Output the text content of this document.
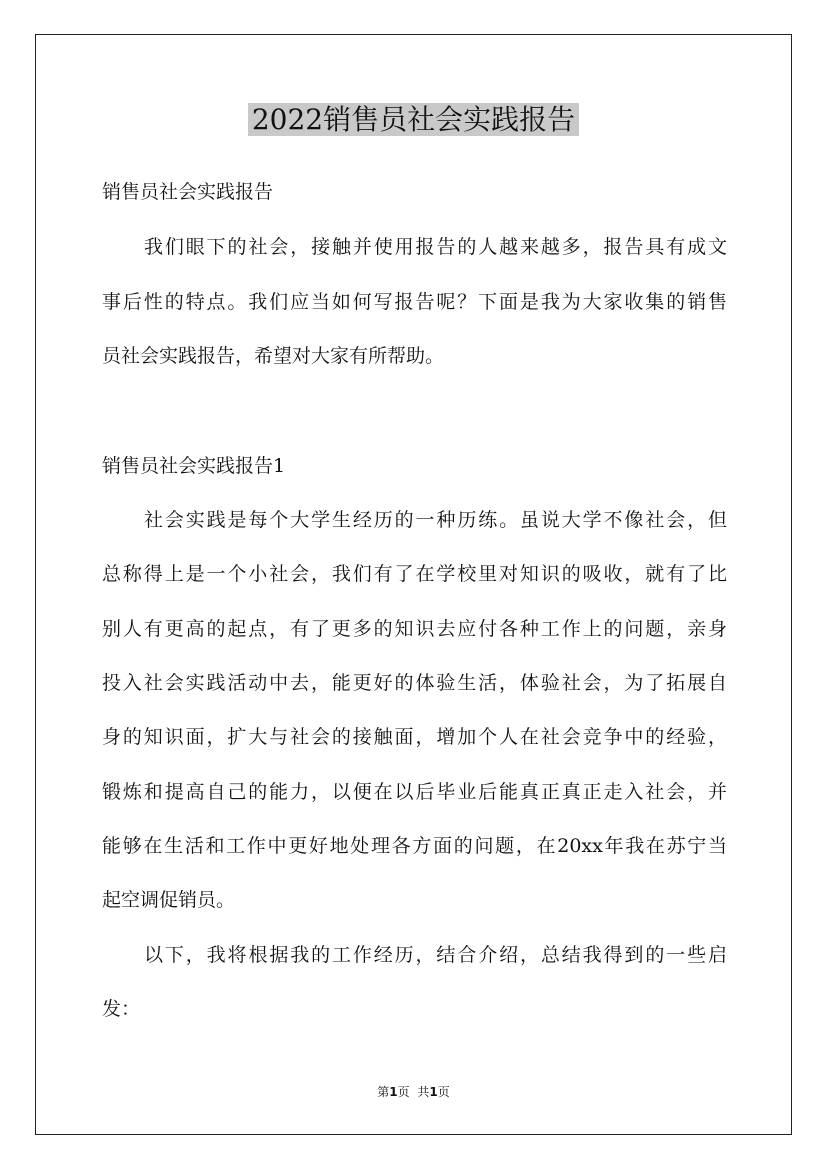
2022销售员社会实践报告

销售员社会实践报告

我们眼下的社会，接触并使用报告的人越来越多，报告具有成文

事后性的特点。我们应当如何写报告呢？下面是我为大家收集的销售

员社会实践报告，希望对大家有所帮助。

销售员社会实践报告1

社会实践是每个大学生经历的一种历练。虽说大学不像社会，但

总称得上是一个小社会，我们有了在学校里对知识的吸收，就有了比

别人有更高的起点，有了更多的知识去应付各种工作上的问题，亲身

投入社会实践活动中去，能更好的体验生活，体验社会，为了拓展自

身的知识面，扩大与社会的接触面，增加个人在社会竞争中的经验，

锻炼和提高自己的能力，以便在以后毕业后能真正真正走入社会，并

能够在生活和工作中更好地处理各方面的问题，在20xx年我在苏宁当

起空调促销员。

以下，我将根据我的工作经历，结合介绍，总结我得到的一些启

发：

第1页 共1页
